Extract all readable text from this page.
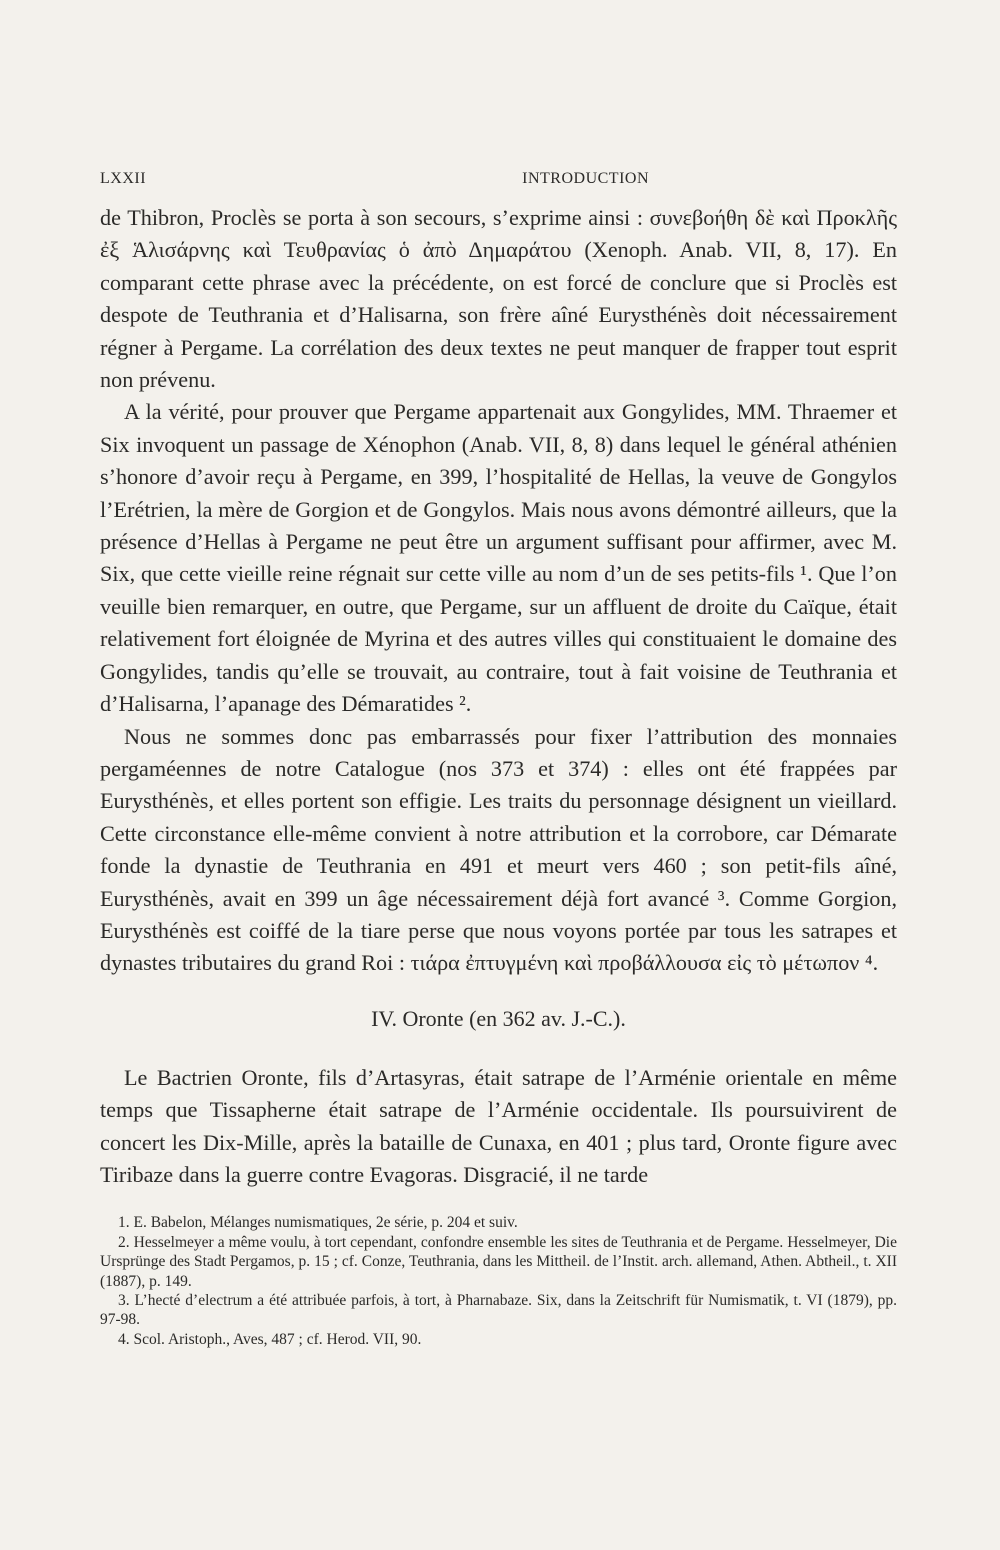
LXXII	INTRODUCTION

de Thibron, Proclès se porta à son secours, s’exprime ainsi : συνεβοήθη δὲ καὶ Προκλῆς ἐξ Ἁλισάρνης καὶ Τευθρανίας ὁ ἀπὸ Δημαράτου (Xenoph. Anab. VII, 8, 17). En comparant cette phrase avec la précédente, on est forcé de conclure que si Proclès est despote de Teuthrania et d’Halisarna, son frère aîné Eurysthénès doit nécessairement régner à Pergame. La corrélation des deux textes ne peut manquer de frapper tout esprit non prévenu.

A la vérité, pour prouver que Pergame appartenait aux Gongylides, MM. Thraemer et Six invoquent un passage de Xénophon (Anab. VII, 8, 8) dans lequel le général athénien s’honore d’avoir reçu à Pergame, en 399, l’hospitalité de Hellas, la veuve de Gongylos l’Erétrien, la mère de Gorgion et de Gongylos. Mais nous avons démontré ailleurs, que la présence d’Hellas à Pergame ne peut être un argument suffisant pour affirmer, avec M. Six, que cette vieille reine régnait sur cette ville au nom d’un de ses petits-fils ¹. Que l’on veuille bien remarquer, en outre, que Pergame, sur un affluent de droite du Caïque, était relativement fort éloignée de Myrina et des autres villes qui constituaient le domaine des Gongylides, tandis qu’elle se trouvait, au contraire, tout à fait voisine de Teuthrania et d’Halisarna, l’apanage des Démaratides ².

Nous ne sommes donc pas embarrassés pour fixer l’attribution des monnaies pergaméennes de notre Catalogue (nos 373 et 374) : elles ont été frappées par Eurysthénès, et elles portent son effigie. Les traits du personnage désignent un vieillard. Cette circonstance elle-même convient à notre attribution et la corrobore, car Démarate fonde la dynastie de Teuthrania en 491 et meurt vers 460 ; son petit-fils aîné, Eurysthénès, avait en 399 un âge nécessairement déjà fort avancé ³. Comme Gorgion, Eurysthénès est coiffé de la tiare perse que nous voyons portée par tous les satrapes et dynastes tributaires du grand Roi : τιάρα ἐπτυγμένη καὶ προβάλλουσα εἰς τὸ μέτωπον ⁴.

IV. Oronte (en 362 av. J.-C.).

Le Bactrien Oronte, fils d’Artasyras, était satrape de l’Arménie orientale en même temps que Tissapherne était satrape de l’Arménie occidentale. Ils poursuivirent de concert les Dix-Mille, après la bataille de Cunaxa, en 401 ; plus tard, Oronte figure avec Tiribaze dans la guerre contre Evagoras. Disgracié, il ne tarde

1. E. Babelon, Mélanges numismatiques, 2e série, p. 204 et suiv.

2. Hesselmeyer a même voulu, à tort cependant, confondre ensemble les sites de Teuthrania et de Pergame. Hesselmeyer, Die Ursprünge des Stadt Pergamos, p. 15 ; cf. Conze, Teuthrania, dans les Mittheil. de l’Instit. arch. allemand, Athen. Abtheil., t. XII (1887), p. 149.

3. L’hecté d’electrum a été attribuée parfois, à tort, à Pharnabaze. Six, dans la Zeitschrift für Numismatik, t. VI (1879), pp. 97-98.

4. Scol. Aristoph., Aves, 487 ; cf. Herod. VII, 90.
